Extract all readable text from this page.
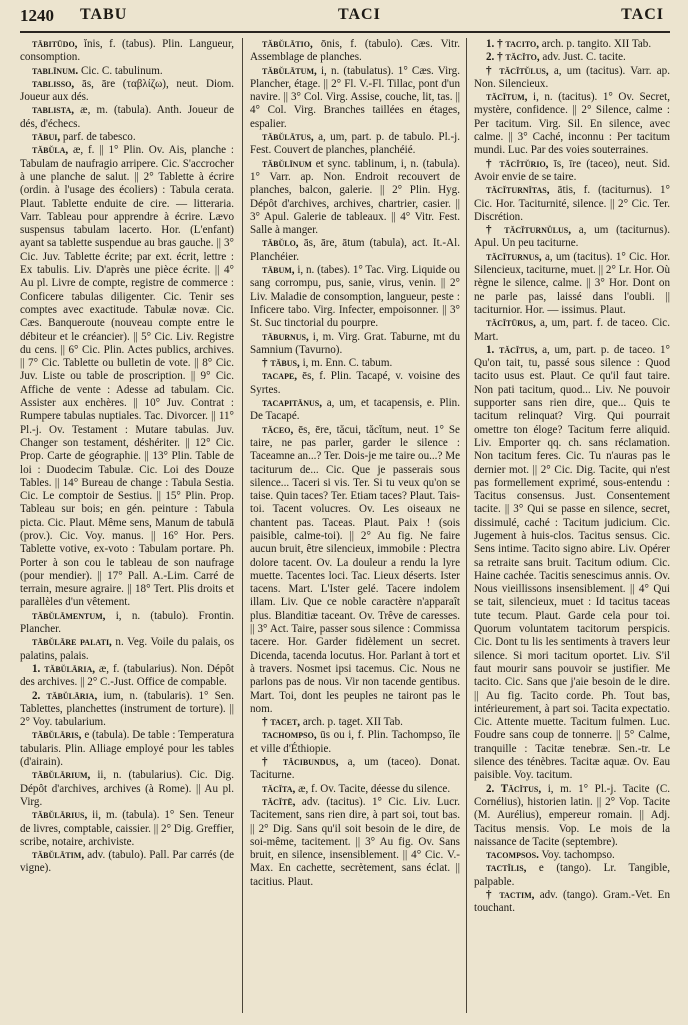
1240 TABU	TACI	TACI

tābitūdo, ĭnis, f. (tabus). Plin. Langueur, consomption.

tablīnum. Cic. C. tabulinum.

tablisso, ās, āre (ταβλίζω), neut. Diom. Joueur aux dés.

tablista, æ, m. (tabula). Anth. Joueur de dés, d'échecs.

tābui, parf. de tabesco.

tăbŭla, æ, f. || 1° Plin. Ov. Ais, planche : Tabulam de naufragio arripere. Cic. S'accrocher à une planche de salut. || 2° Tablette à écrire (ordin. à l'usage des écoliers) : Tabula cerata. Plaut. Tablette enduite de cire. — litteraria. Varr. Tableau pour apprendre à écrire. Lævo suspensus tabulam lacerto. Hor. (L'enfant) ayant sa tablette suspendue au bras gauche. || 3° Cic. Juv. Tablette écrite; par ext. écrit, lettre : Ex tabulis. Liv. D'après une pièce écrite. || 4° Au pl. Livre de compte, registre de commerce : Conficere tabulas diligenter. Cic. Tenir ses comptes avec exactitude. Tabulæ novæ. Cic. Cæs. Banqueroute (nouveau compte entre le débiteur et le créancier). || 5° Cic. Liv. Registre du cens. || 6° Cic. Plin. Actes publics, archives. || 7° Cic. Tablette ou bulletin de vote. || 8° Cic. Juv. Liste ou table de proscription. || 9° Cic. Affiche de vente : Adesse ad tabulam. Cic. Assister aux enchères. || 10° Juv. Contrat : Rumpere tabulas nuptiales. Tac. Divorcer. || 11° Pl.-j. Ov. Testament : Mutare tabulas. Juv. Changer son testament, déshériter. || 12° Cic. Prop. Carte de géographie. || 13° Plin. Table de loi : Duodecim Tabulæ. Cic. Loi des Douze Tables. || 14° Bureau de change : Tabula Sestia. Cic. Le comptoir de Sestius. || 15° Plin. Prop. Tableau sur bois; en gén. peinture : Tabula picta. Cic. Plaut. Même sens, Manum de tabulā (prov.). Cic. Voy. manus. || 16° Hor. Pers. Tablette votive, ex-voto : Tabulam portare. Ph. Porter à son cou le tableau de son naufrage (pour mendier). || 17° Pall. A.-Lim. Carré de terrain, mesure agraire. || 18° Tert. Plis droits et parallèles d'un vêtement.

tăbŭlāmentum, i, n. (tabulo). Frontin. Plancher.

tābŭlāre palati, n. Veg. Voile du palais, os palatins, palais.

1. tăbŭlāria, æ, f. (tabularius). Non. Dépôt des archives. || 2° C.-Just. Office de compable.

2. tăbŭlāria, ium, n. (tabularis). 1° Sen. Tablettes, planchettes (instrument de torture). || 2° Voy. tabularium.

tăbŭlāris, e (tabula). De table : Temperatura tabularis. Plin. Alliage employé pour les tables (d'airain).

tăbŭlārium, ii, n. (tabularius). Cic. Dig. Dépôt d'archives, archives (à Rome). || Au pl. Virg.

tăbŭlārius, ii, m. (tabula). 1° Sen. Teneur de livres, comptable, caissier. || 2° Dig. Greffier, scribe, notaire, archiviste.

tăbŭlātim, adv. (tabulo). Pall. Par carrés (de vigne).

tăbŭlātio, ōnis, f. (tabulo). Cæs. Vitr. Assemblage de planches.

tăbŭlātum, i, n. (tabulatus). 1° Cæs. Virg. Plancher, étage. || 2° Fl. V.-Fl. Tillac, pont d'un navire. || 3° Col. Virg. Assise, couche, lit, tas. || 4° Col. Virg. Branches taillées en étages, espalier.

tăbŭlātus, a, um, part. p. de tabulo. Pl.-j. Fest. Couvert de planches, planchéié.

tăbŭlīnum et sync. tablinum, i, n. (tabula). 1° Varr. ap. Non. Endroit recouvert de planches, balcon, galerie. || 2° Plin. Hyg. Dépôt d'archives, archives, chartrier, casier. || 3° Apul. Galerie de tableaux. || 4° Vitr. Fest. Salle à manger.

tăbŭlo, ās, āre, ātum (tabula), act. It.-Al. Planchéier.

tābum, i, n. (tabes). 1° Tac. Virg. Liquide ou sang corrompu, pus, sanie, virus, venin. || 2° Liv. Maladie de consomption, langueur, peste : Inficere tabo. Virg. Infecter, empoisonner. || 3° St. Suc tinctorial du pourpre.

tăburnus, i, m. Virg. Grat. Taburne, mt du Samnium (Tavurno).

† tăbus, i, m. Enn. C. tabum.

tacape, ēs, f. Plin. Tacapé, v. voisine des Syrtes.

tacapitānus, a, um, et tacapensis, e. Plin. De Tacapé.

tăceo, ēs, ēre, tăcui, tăcĭtum, neut. 1° Se taire, ne pas parler, garder le silence : Taceamne an...? Ter. Dois-je me taire ou...? Me taciturum de... Cic. Que je passerais sous silence... Taceri si vis. Ter. Si tu veux qu'on se taise. Quin taces? Ter. Etiam taces? Plaut. Tais-toi. Tacent volucres. Ov. Les oiseaux ne chantent pas. Taceas. Plaut. Paix ! (sois paisible, calme-toi). || 2° Au fig. Ne faire aucun bruit, être silencieux, immobile : Plectra dolore tacent. Ov. La douleur a rendu la lyre muette. Tacentes loci. Tac. Lieux déserts. Ister tacens. Mart. L'Ister gelé. Tacere indolem illam. Liv. Que ce noble caractère n'apparaît plus. Blanditiæ taceant. Ov. Trêve de caresses. || 3° Act. Taire, passer sous silence : Commissa tacere. Hor. Garder fidèlement un secret. Dicenda, tacenda locutus. Hor. Parlant à tort et à travers. Nosmet ipsi tacemus. Cic. Nous ne parlons pas de nous. Vir non tacende gentibus. Mart. Toi, dont les peuples ne tairont pas le nom.

† tacet, arch. p. taget. XII Tab.

tachompso, ūs ou i, f. Plin. Tachompso, île et ville d'Éthiopie.

† tăcibundus, a, um (taceo). Donat. Taciturne.

tăcĭta, æ, f. Ov. Tacite, déesse du silence.

tăcĭtē, adv. (tacitus). 1° Cic. Liv. Lucr. Tacitement, sans rien dire, à part soi, tout bas. || 2° Dig. Sans qu'il soit besoin de le dire, de soi-même, tacitement. || 3° Au fig. Ov. Sans bruit, en silence, insensiblement. || 4° Cic. V.-Max. En cachette, secrètement, sans éclat. || tacitius. Plaut.

1. † tacito, arch. p. tangito. XII Tab.

2. † tăcĭto, adv. Just. C. tacite.

† tăcĭtŭlus, a, um (tacitus). Varr. ap. Non. Silencieux.

tăcĭtum, i, n. (tacitus). 1° Ov. Secret, mystère, confidence. || 2° Silence, calme : Per tacitum. Virg. Sil. En silence, avec calme. || 3° Caché, inconnu : Per tacitum mundi. Luc. Par des voies souterraines.

† tăcĭtŭrio, īs, īre (taceo), neut. Sid. Avoir envie de se taire.

tăcĭturnĭtas, ātis, f. (taciturnus). 1° Cic. Hor. Taciturnité, silence. || 2° Cic. Ter. Discrétion.

† tăcĭturnŭlus, a, um (taciturnus). Apul. Un peu taciturne.

tăcĭturnus, a, um (tacitus). 1° Cic. Hor. Silencieux, taciturne, muet. || 2° Lr. Hor. Où règne le silence, calme. || 3° Hor. Dont on ne parle pas, laissé dans l'oubli. || taciturnior. Hor. — issimus. Plaut.

tăcĭtūrus, a, um, part. f. de taceo. Cic. Mart.

1. tăcĭtus, a, um, part. p. de taceo. 1° Qu'on tait, tu, passé sous silence : Quod tacito usus est. Plaut. Ce qu'il faut taire. Non pati tacitum, quod... Liv. Ne pouvoir supporter sans rien dire, que... Quis te tacitum relinquat? Virg. Qui pourrait omettre ton éloge? Tacitum ferre aliquid. Liv. Emporter qq. ch. sans réclamation. Non tacitum feres. Cic. Tu n'auras pas le dernier mot. || 2° Cic. Dig. Tacite, qui n'est pas formellement exprimé, sous-entendu : Tacitus consensus. Just. Consentement tacite. || 3° Qui se passe en silence, secret, dissimulé, caché : Tacitum judicium. Cic. Jugement à huis-clos. Tacitus sensus. Cic. Sens intime. Tacito signo abire. Liv. Opérer sa retraite sans bruit. Tacitum odium. Cic. Haine cachée. Tacitis senescimus annis. Ov. Nous vieillissons insensiblement. || 4° Qui se tait, silencieux, muet : Id tacitus taceas tute tecum. Plaut. Garde cela pour toi. Quorum voluntatem tacitorum perspicis. Cic. Dont tu lis les sentiments à travers leur silence. Si mori tacitum oportet. Liv. S'il faut mourir sans pouvoir se justifier. Me tacito. Cic. Sans que j'aie besoin de le dire. || Au fig. Tacito corde. Ph. Tout bas, intérieurement, à part soi. Tacita expectatio. Cic. Attente muette. Tacitum fulmen. Luc. Foudre sans coup de tonnerre. || 5° Calme, tranquille : Tacitæ tenebræ. Sen.-tr. Le silence des ténèbres. Tacitæ aquæ. Ov. Eau paisible. Voy. tacitum.

2. Tăcĭtus, i, m. 1° Pl.-j. Tacite (C. Cornélius), historien latin. || 2° Vop. Tacite (M. Aurélius), empereur romain. || Adj. Tacitus mensis. Vop. Le mois de la naissance de Tacite (septembre).

tacompsos. Voy. tachompso.

tactĭlis, e (tango). Lr. Tangible, palpable.

† tactim, adv. (tango). Gram.-Vet. En touchant.
